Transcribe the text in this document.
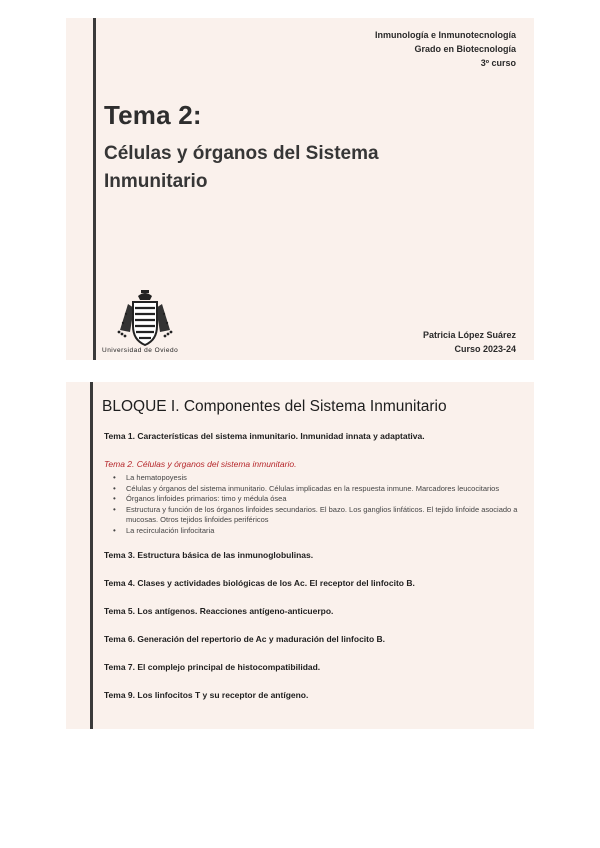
Inmunología e Inmunotecnología
Grado en Biotecnología
3º curso
Tema 2:
Células y órganos del Sistema
Inmunitario
Universidad de Oviedo
Patricia López Suárez
Curso 2023-24
BLOQUE I. Componentes del Sistema Inmunitario
Tema 1. Características del sistema inmunitario. Inmunidad innata y adaptativa.
Tema 2. Células y órganos del sistema inmunitario.
• La hematopoyesis
• Células y órganos del sistema inmunitario. Células implicadas en la respuesta inmune. Marcadores leucocitarios
• Órganos linfoides primarios: timo y médula ósea
• Estructura y función de los órganos linfoides secundarios. El bazo. Los ganglios linfáticos. El tejido linfoide asociado a mucosas. Otros tejidos linfoides periféricos
• La recirculación linfocitaria
Tema 3. Estructura básica de las inmunoglobulinas.
Tema 4. Clases y actividades biológicas de los Ac. El receptor del linfocito B.
Tema 5. Los antígenos. Reacciones antígeno-anticuerpo.
Tema 6. Generación del repertorio de Ac y maduración del linfocito B.
Tema 7. El complejo principal de histocompatibilidad.
Tema 9. Los linfocitos T y su receptor de antígeno.
